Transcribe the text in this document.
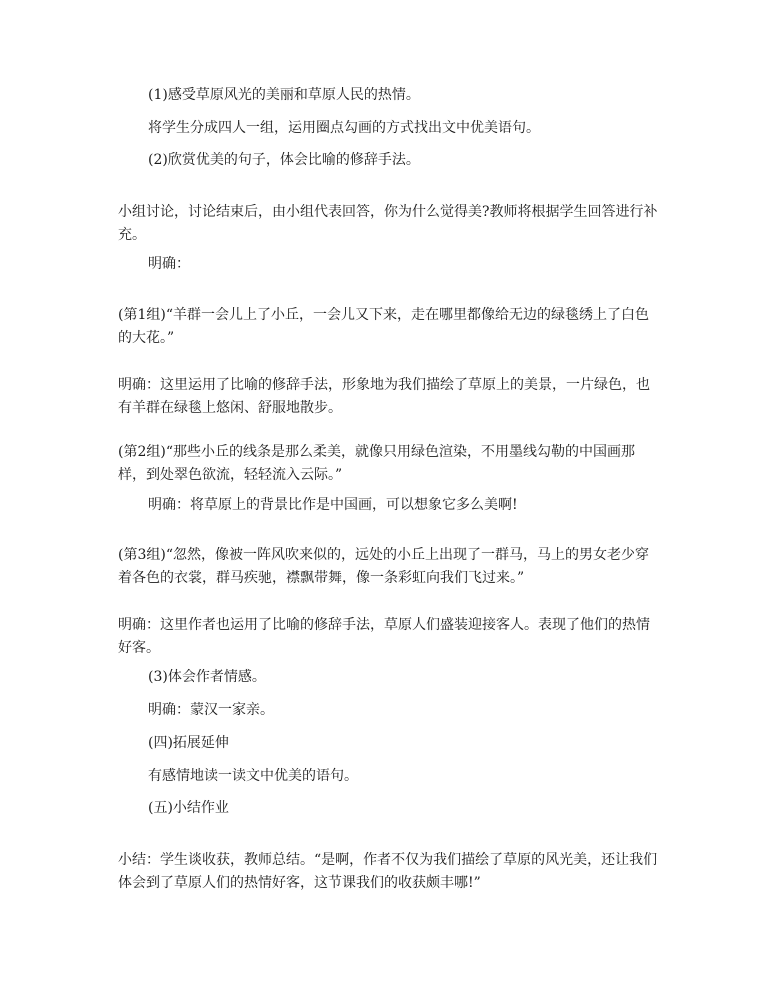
(1)感受草原风光的美丽和草原人民的热情。

将学生分成四人一组，运用圈点勾画的方式找出文中优美语句。

(2)欣赏优美的句子，体会比喻的修辞手法。

小组讨论，讨论结束后，由小组代表回答，你为什么觉得美?教师将根据学生回答进行补充。

明确：

(第1组)“羊群一会儿上了小丘，一会儿又下来，走在哪里都像给无边的绿毯绣上了白色的大花。”

明确：这里运用了比喻的修辞手法，形象地为我们描绘了草原上的美景，一片绿色，也有羊群在绿毯上悠闲、舒服地散步。

(第2组)“那些小丘的线条是那么柔美，就像只用绿色渲染，不用墨线勾勒的中国画那样，到处翠色欲流，轻轻流入云际。”

明确：将草原上的背景比作是中国画，可以想象它多么美啊!

(第3组)“忽然，像被一阵风吹来似的，远处的小丘上出现了一群马，马上的男女老少穿着各色的衣裳，群马疾驰，襟飘带舞，像一条彩虹向我们飞过来。”

明确：这里作者也运用了比喻的修辞手法，草原人们盛装迎接客人。表现了他们的热情好客。

(3)体会作者情感。

明确：蒙汉一家亲。

(四)拓展延伸

有感情地读一读文中优美的语句。

(五)小结作业

小结：学生谈收获，教师总结。“是啊，作者不仅为我们描绘了草原的风光美，还让我们体会到了草原人们的热情好客，这节课我们的收获颇丰哪!”
